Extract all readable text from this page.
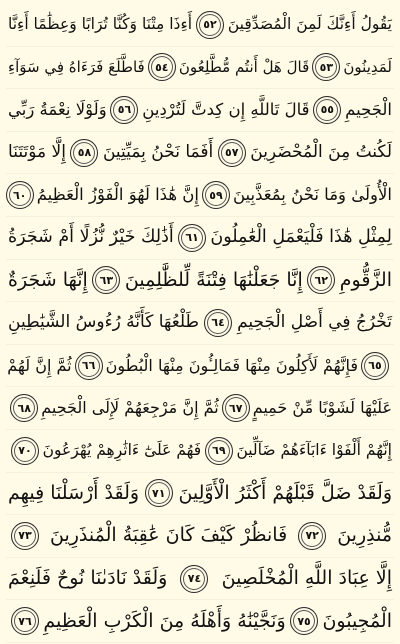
يَقُولُ أَءِنَّكَ لَمِنَ الْمُصَدِّقِينَ
٥٢
أَءِذَا مِتْنَا وَكُنَّا تُرَابًا وَعِظَٰمًا أَءِنَّا
لَمَدِينُونَ
٥٣
قَالَ هَلْ أَنتُم مُّطَّلِعُونَ
٥٤
فَاطَّلَعَ فَرَءَاهُ فِي سَوَآءِ
الْجَحِيمِ
٥٥
قَالَ تَاللَّهِ إِن كِدتَّ لَتُرْدِينِ
٥٦
وَلَوْلَا نِعْمَةُ رَبِّي
لَكُنتُ مِنَ الْمُحْضَرِينَ
٥٧
أَفَمَا نَحْنُ بِمَيِّتِينَ
٥٨
إِلَّا مَوْتَتَنَا
الْأُولَىٰ وَمَا نَحْنُ بِمُعَذَّبِينَ
٥٩
إِنَّ هَٰذَا لَهُوَ الْفَوْزُ الْعَظِيمُ
٦٠
لِمِثْلِ هَٰذَا فَلْيَعْمَلِ الْعَٰمِلُونَ
٦١
أَذَٰلِكَ خَيْرٌ نُّزُلًا أَمْ شَجَرَةُ
الزَّقُّومِ
٦٢
إِنَّا جَعَلْنَٰهَا فِتْنَةً لِّلظَّٰلِمِينَ
٦٣
إِنَّهَا شَجَرَةٌ
تَخْرُجُ فِي أَصْلِ الْجَحِيمِ
٦٤
طَلْعُهَا كَأَنَّهُ رُءُوسُ الشَّيَٰطِينِ
٦٥
فَإِنَّهُمْ لَأَكِلُونَ مِنْهَا فَمَالِـُٔونَ مِنْهَا الْبُطُونَ
٦٦
ثُمَّ إِنَّ لَهُمْ
عَلَيْهَا لَشَوْبًا مِّنْ حَمِيمٍ
٦٧
ثُمَّ إِنَّ مَرْجِعَهُمْ لَإِلَى الْجَحِيمِ
٦٨
إِنَّهُمْ أَلْفَوْا ءَابَآءَهُمْ ضَآلِّينَ
٦٩
فَهُمْ عَلَىٰٓ ءَاثَٰرِهِمْ يُهْرَعُونَ
٧٠
وَلَقَدْ ضَلَّ قَبْلَهُمْ أَكْثَرُ الْأَوَّلِينَ
٧١
وَلَقَدْ أَرْسَلْنَا فِيهِم
مُّنذِرِينَ
٧٢
فَانظُرْ كَيْفَ كَانَ عَٰقِبَةُ الْمُنذَرِينَ
٧٣
إِلَّا عِبَادَ اللَّهِ الْمُخْلَصِينَ
٧٤
وَلَقَدْ نَادَىٰنَا نُوحٌ فَلَنِعْمَ
الْمُجِيبُونَ
٧٥
وَنَجَّيْنَٰهُ وَأَهْلَهُ مِنَ الْكَرْبِ الْعَظِيمِ
٧٦
